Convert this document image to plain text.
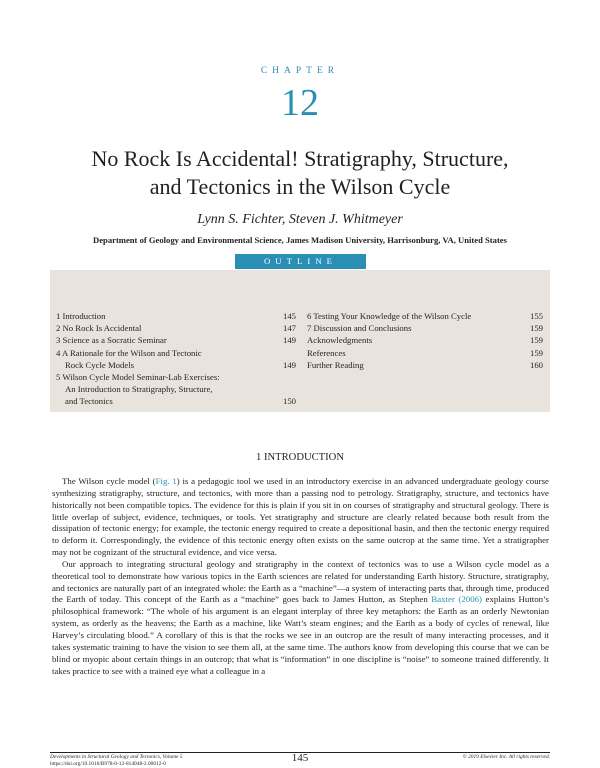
CHAPTER
12
No Rock Is Accidental! Stratigraphy, Structure,
and Tectonics in the Wilson Cycle
Lynn S. Fichter, Steven J. Whitmeyer
Department of Geology and Environmental Science, James Madison University, Harrisonburg, VA, United States
OUTLINE
1 Introduction	145
2 No Rock Is Accidental	147
3 Science as a Socratic Seminar	149
4 A Rationale for the Wilson and Tectonic
Rock Cycle Models	149
5 Wilson Cycle Model Seminar-Lab Exercises:
An Introduction to Stratigraphy, Structure,
and Tectonics	150
6 Testing Your Knowledge of the Wilson Cycle	155
7 Discussion and Conclusions	159
Acknowledgments	159
References	159
Further Reading	160
1 INTRODUCTION

The Wilson cycle model (Fig. 1) is a pedagogic tool we used in an introductory exercise in an advanced undergraduate geology course synthesizing stratigraphy, structure, and tectonics, with more than a passing nod to petrology. Stratigraphy, structure, and tectonics have historically not been compatible topics. The evidence for this is plain if you sit in on courses of stratigraphy and structural geology. There is little overlap of subject, evidence, techniques, or tools. Yet stratigraphy and structure are clearly related because both result from the dissipation of tectonic energy; for example, the tectonic energy required to create a depositional basin, and then the tectonic energy required to deform it. Correspondingly, the evidence of this tectonic energy often exists on the same outcrop at the same time. Yet a stratigrapher may not be cognizant of the structural evidence, and vice versa.

Our approach to integrating structural geology and stratigraphy in the context of tectonics was to use a Wilson cycle model as a theoretical tool to demonstrate how various topics in the Earth sciences are related for understanding Earth history. Structure, stratigraphy, and tectonics are naturally part of an integrated whole: the Earth as a “machine”—a system of interacting parts that, through time, produced the Earth of today. This concept of the Earth as a “machine” goes back to James Hutton, as Stephen Baxter (2006) explains Hutton’s philosophical framework: “The whole of his argument is an elegant interplay of three key metaphors: the Earth as an orderly Newtonian system, as orderly as the heavens; the Earth as a machine, like Watt’s steam engines; and the Earth as a body of cycles of renewal, like Harvey’s circulating blood.” A corollary of this is that the rocks we see in an outcrop are the result of many interacting processes, and it takes systematic training to have the vision to see them all, at the same time. The authors know from developing this course that we can be blind or myopic about certain things in an outcrop; that what is “information” in one discipline is “noise” to someone trained differently. It takes practice to see with a trained eye what a colleague in a

Developments in Structural Geology and Tectonics, Volume 5
https://doi.org/10.1016/B978-0-12-814048-2.00012-0	145	© 2019 Elsevier Inc. All rights reserved.
